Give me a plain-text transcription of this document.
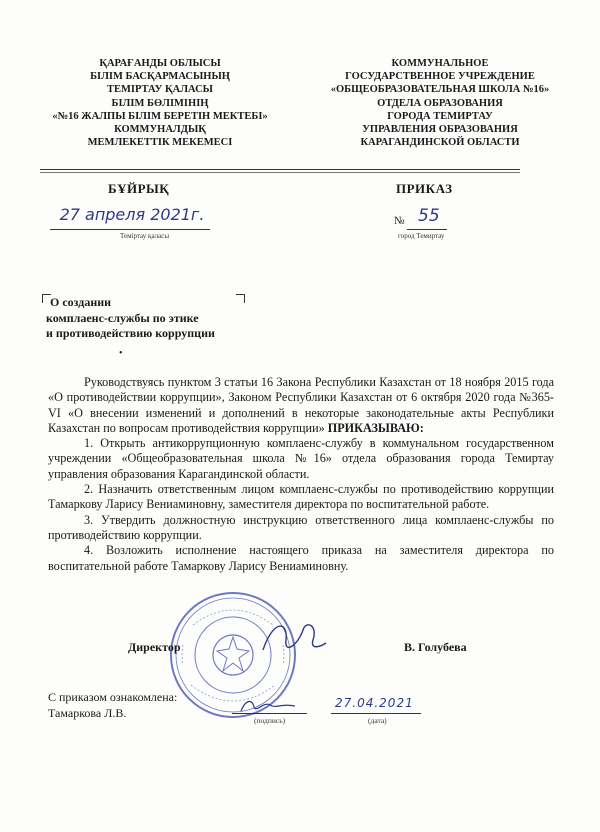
ҚАРАҒАНДЫ ОБЛЫСЫ
БІЛІМ БАСҚАРМАСЫНЫҢ
ТЕМІРТАУ ҚАЛАСЫ
БІЛІМ БӨЛІМІНІҢ
«№16 ЖАЛПЫ БІЛІМ БЕРЕТІН МЕКТЕБІ»
КОММУНАЛДЫҚ
МЕМЛЕКЕТТІК МЕКЕМЕСІ
КОММУНАЛЬНОЕ
ГОСУДАРСТВЕННОЕ УЧРЕЖДЕНИЕ
«ОБЩЕОБРАЗОВАТЕЛЬНАЯ ШКОЛА №16»
ОТДЕЛА ОБРАЗОВАНИЯ
ГОРОДА ТЕМИРТАУ
УПРАВЛЕНИЯ ОБРАЗОВАНИЯ
КАРАГАНДИНСКОЙ ОБЛАСТИ
БҰЙРЫҚ	ПРИКАЗ
27 апреля 2021г.
Темiртау қаласы
№ 55
город Темиртау
О создании
комплаенс-службы по этике
и противодействию коррупции
•

Руководствуясь пунктом 3 статьи 16 Закона Республики Казахстан от 18 ноября 2015 года «О противодействии коррупции», Законом Республики Казахстан от 6 октября 2020 года №365-VI «О внесении изменений и дополнений в некоторые законодательные акты Республики Казахстан по вопросам противодействия коррупции» ПРИКАЗЫВАЮ:

1. Открыть антикоррупционную комплаенс-службу в коммунальном государственном учреждении «Общеобразовательная школа №16» отдела образования города Темиртау управления образования Карагандинской области.

2. Назначить ответственным лицом комплаенс-службы по противодействию коррупции Тамаркову Ларису Вениаминовну, заместителя директора по воспитательной работе.

3. Утвердить должностную инструкцию ответственного лица комплаенс-службы по противодействию коррупции.

4. Возложить исполнение настоящего приказа на заместителя директора по воспитательной работе Тамаркову Ларису Вениаминовну.

Директор	В. Голубева
С приказом ознакомлена:
Тамаркова Л.В.
27.04.2021
(подпись)	(дата)
